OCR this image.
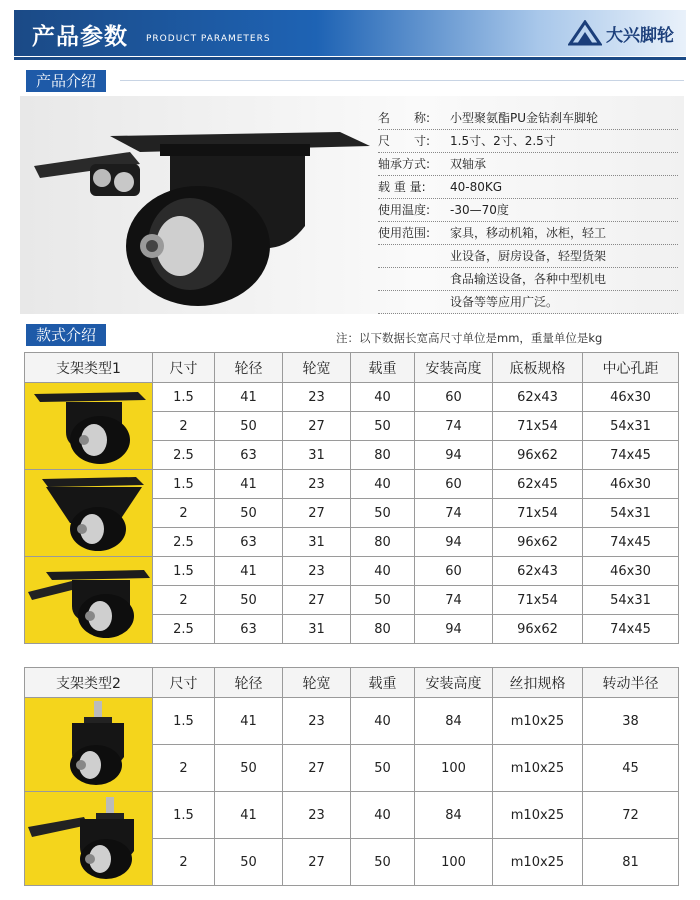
产品参数 PRODUCT PARAMETERS	大兴脚轮
产品介绍
名　　称:	小型聚氨酯PU金钻刹车脚轮
尺　　寸:	1.5寸、2寸、2.5寸
轴承方式:	双轴承
载 重 量:	40-80KG
使用温度:	-30—70度
使用范围:	家具，移动机箱，冰柜，轻工
业设备，厨房设备，轻型货架
食品输送设备，各种中型机电
设备等等应用广泛。
款式介绍	注：以下数据长宽高尺寸单位是mm，重量单位是kg
支架类型1	尺寸	轮径	轮宽	载重	安装高度	底板规格	中心孔距

	1.5	41	23	40	60	62x43	46x30
	2	50	27	50	74	71x54	54x31
	2.5	63	31	80	94	96x62	74x45

	1.5	41	23	40	60	62x45	46x30
	2	50	27	50	74	71x54	54x31
	2.5	63	31	80	94	96x62	74x45

	1.5	41	23	40	60	62x43	46x30
	2	50	27	50	74	71x54	54x31
	2.5	63	31	80	94	96x62	74x45
支架类型2	尺寸	轮径	轮宽	载重	安装高度	丝扣规格	转动半径

	1.5	41	23	40	84	m10x25	38
	2	50	27	50	100	m10x25	45

	1.5	41	23	40	84	m10x25	72
	2	50	27	50	100	m10x25	81
